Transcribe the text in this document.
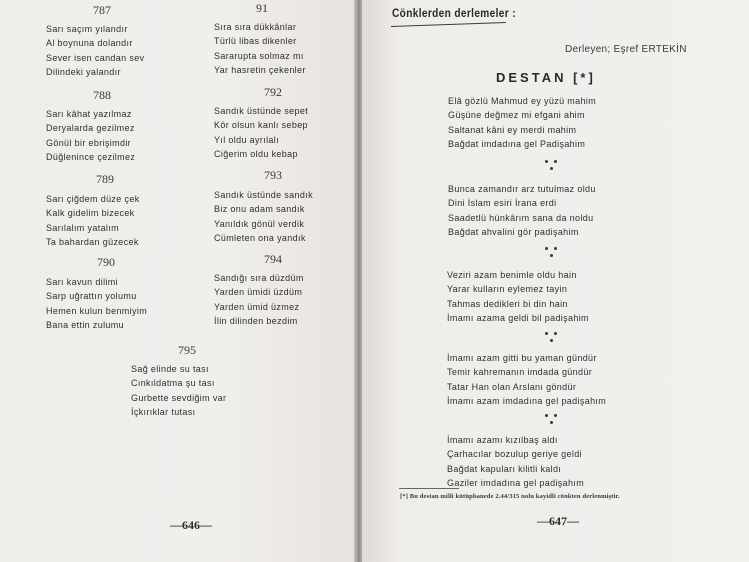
787
Sarı saçım yılandır
Al boynuna dolandır
Sever isen candan sev
Dilindeki yalandır
788
Sarı kâhat yazılmaz
Deryalarda gezilmez
Gönül bir ebrişimdir
Düğlenince çezilmez
789
Sarı çiğdem düze çek
Kalk gidelim bizecek
Sarılalım yatalım
Ta bahardan güzecek
790
Sarı kavun dilimi
Sarp uğrattın yolumu
Hemen kulun benmiyim
Bana ettin zulumu
91
Sıra sıra dükkânlar
Türlü libas dikenler
Sararupta solmaz mı
Yar hasretin çekenler
792
Sandık üstünde sepet
Kör olsun kanlı sebep
Yıl oldu ayrılalı
Ciğerim oldu kebap
793
Sandık üstünde sandık
Biz onu adam sandık
Yanıldık gönül verdik
Cümleten ona yandık
794
Sandığı sıra düzdüm
Yarden ümidi üzdüm
Yarden ümid üzmez
İlin dilinden bezdim
795
Sağ elinde su tası
Cınkıldatma şu tası
Gurbette sevdiğim var
İçkırıklar tutası
—646—
Cönklerden derlemeler :
Derleyen; Eşref ERTEKİN
DESTAN [*]
Elâ gözlü Mahmud ey yüzü mahim
Güşüne değmez mi efgani ahim
Saltanat kâni ey merdi mahim
Bağdat imdadına gel Padişahim
Bunca zamandır arz tutulmaz oldu
Dini İslam esiri İrana erdi
Saadetlü hünkârım sana da noldu
Bağdat ahvalini gör padişahim
Veziri azam benimle oldu hain
Yarar kulların eylemez tayin
Tahmas dedikleri bi din hain
İmamı azama geldi bil padişahim
İmamı azam gitti bu yaman gündür
Temir kahremanın imdada gündür
Tatar Han olan Arslanı göndür
İmamı azam imdadına gel padişahım
İmamı azamı kızılbaş aldı
Çarhacılar bozulup geriye geldi
Bağdat kapuları kilitli kaldı
Gaziler imdadına gel padişahım
[*] Bu destan milli kütüphanede 2.44/315 nolu kayidli cönkten derlenmiştir.
—647—
